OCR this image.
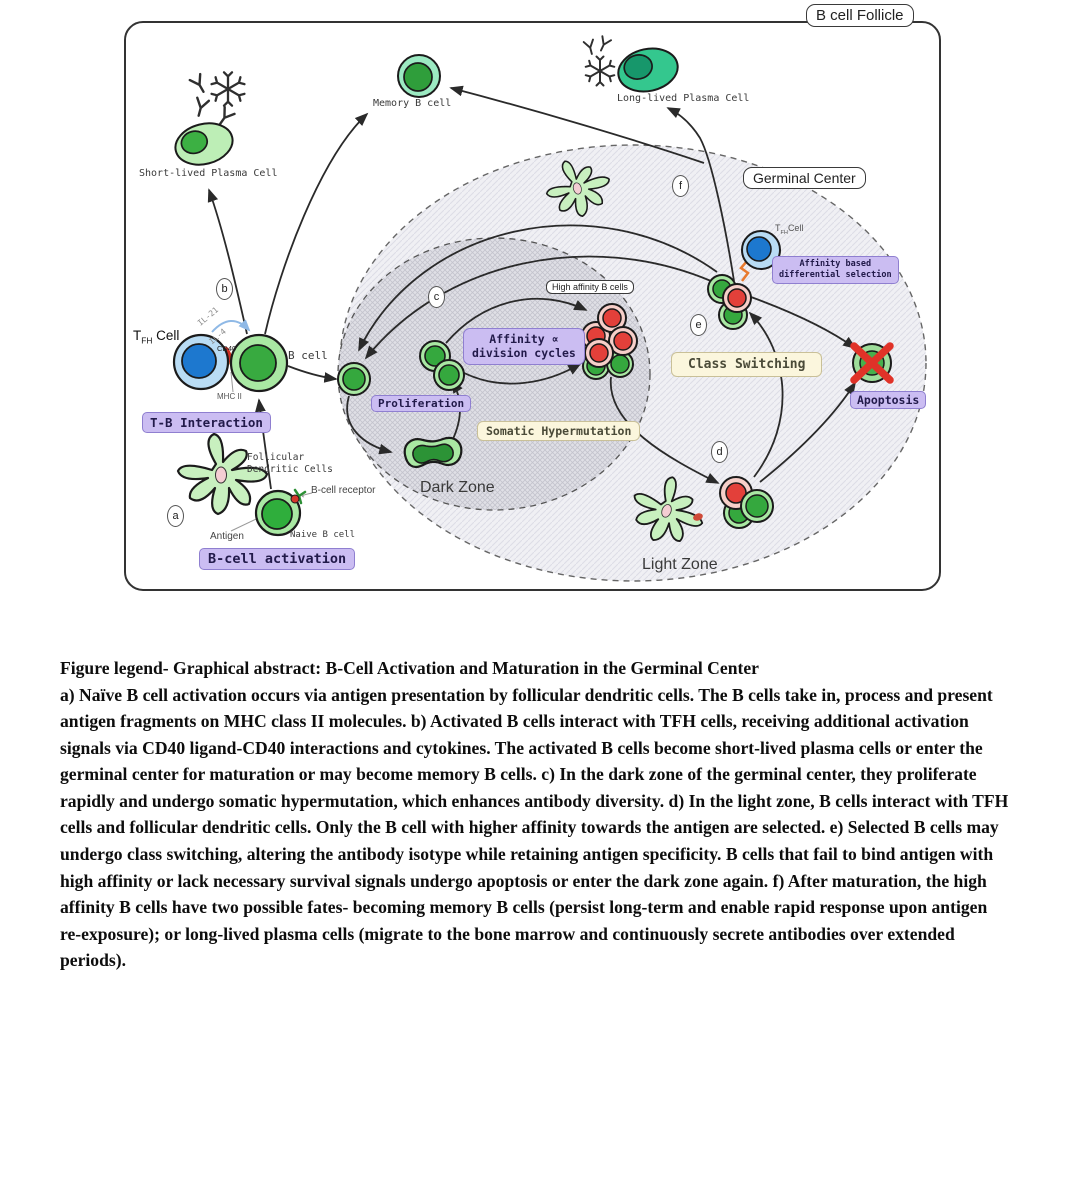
B cell Follicle
Germinal Center
High affinity B cells
Dark Zone
Light Zone
Short-lived Plasma Cell
Memory B cell	Long-lived Plasma Cell
B cell
Naive B cell
Follicular
Dendritic Cells
B-cell receptor
Antigen
$T_{FH}$ Cell
$T_{FH}Cell$
IL-21
IL-4
CD40
MHC II
T-B Interaction
B-cell activation
Proliferation
Affinity ∝
division cycles
Affinity based
differential selection
Apoptosis
Somatic Hypermutation
Class Switching
a
b
c
d
e
f
Figure legend- Graphical abstract: B-Cell Activation and Maturation in the Germinal Center
a) Naïve B cell activation occurs via antigen presentation by follicular dendritic cells. The B cells take in, process and present antigen fragments on MHC class II molecules. b) Activated B cells interact with TFH cells, receiving additional activation signals via CD40 ligand-CD40 interactions and cytokines. The activated B cells become short-lived plasma cells or enter the germinal center for maturation or may become memory B cells. c) In the dark zone of the germinal center, they proliferate rapidly and undergo somatic hypermutation, which enhances antibody diversity. d) In the light zone, B cells interact with TFH cells and follicular dendritic cells. Only the B cell with higher affinity towards the antigen are selected. e) Selected B cells may undergo class switching, altering the antibody isotype while retaining antigen specificity. B cells that fail to bind antigen with high affinity or lack necessary survival signals undergo apoptosis or enter the dark zone again. f) After maturation, the high affinity B cells have two possible fates- becoming memory B cells (persist long-term and enable rapid response upon antigen re-exposure); or long-lived plasma cells (migrate to the bone marrow and continuously secrete antibodies over extended periods).
